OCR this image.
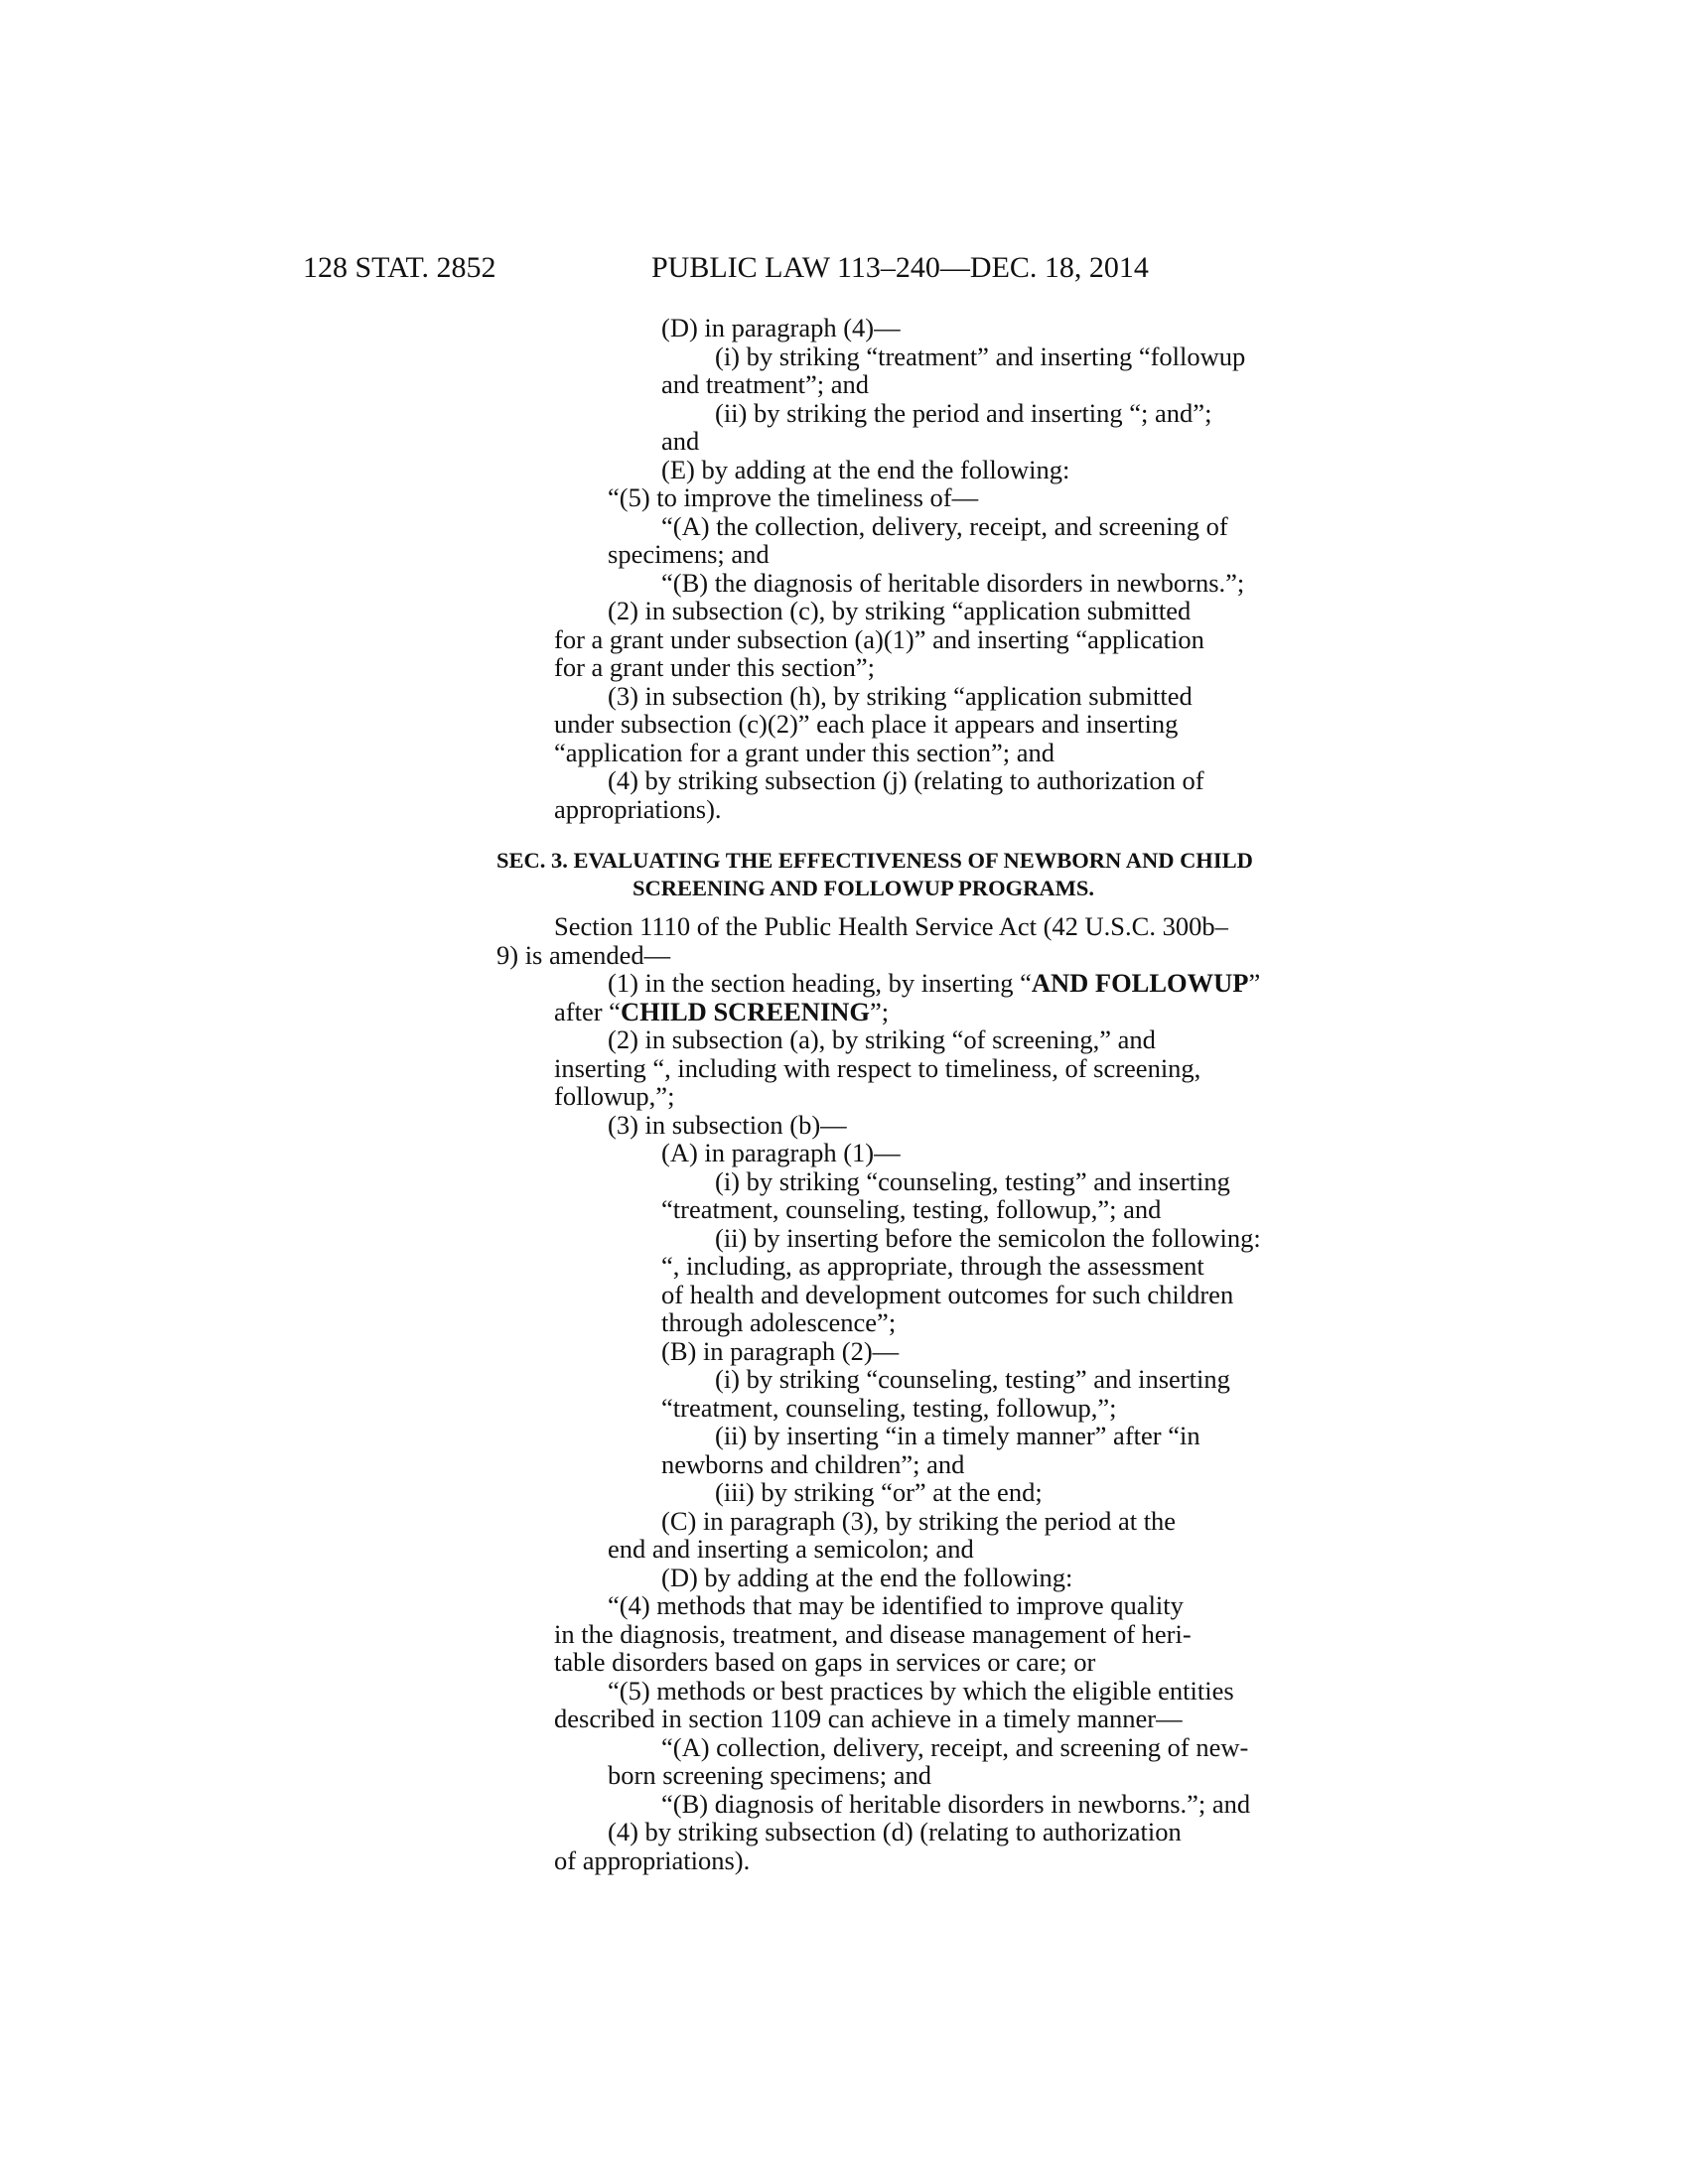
128 STAT. 2852	PUBLIC LAW 113–240—DEC. 18, 2014

(D) in paragraph (4)—

(i) by striking “treatment” and inserting “followup

and treatment”; and

(ii) by striking the period and inserting “; and”;

and

(E) by adding at the end the following:

“(5) to improve the timeliness of—

“(A) the collection, delivery, receipt, and screening of

specimens; and

“(B) the diagnosis of heritable disorders in newborns.”;

(2) in subsection (c), by striking “application submitted

for a grant under subsection (a)(1)” and inserting “application

for a grant under this section”;

(3) in subsection (h), by striking “application submitted

under subsection (c)(2)” each place it appears and inserting

“application for a grant under this section”; and

(4) by striking subsection (j) (relating to authorization of

appropriations).

SEC. 3. EVALUATING THE EFFECTIVENESS OF NEWBORN AND CHILD
SCREENING AND FOLLOWUP PROGRAMS.

Section 1110 of the Public Health Service Act (42 U.S.C. 300b–

9) is amended—

(1) in the section heading, by inserting “AND FOLLOWUP”

after “CHILD SCREENING”;

(2) in subsection (a), by striking “of screening,” and

inserting “, including with respect to timeliness, of screening,

followup,”;

(3) in subsection (b)—

(A) in paragraph (1)—

(i) by striking “counseling, testing” and inserting

“treatment, counseling, testing, followup,”; and

(ii) by inserting before the semicolon the following:

“, including, as appropriate, through the assessment

of health and development outcomes for such children

through adolescence”;

(B) in paragraph (2)—

(i) by striking “counseling, testing” and inserting

“treatment, counseling, testing, followup,”;

(ii) by inserting “in a timely manner” after “in

newborns and children”; and

(iii) by striking “or” at the end;

(C) in paragraph (3), by striking the period at the

end and inserting a semicolon; and

(D) by adding at the end the following:

“(4) methods that may be identified to improve quality

in the diagnosis, treatment, and disease management of heri-

table disorders based on gaps in services or care; or

“(5) methods or best practices by which the eligible entities

described in section 1109 can achieve in a timely manner—

“(A) collection, delivery, receipt, and screening of new-

born screening specimens; and

“(B) diagnosis of heritable disorders in newborns.”; and

(4) by striking subsection (d) (relating to authorization

of appropriations).
